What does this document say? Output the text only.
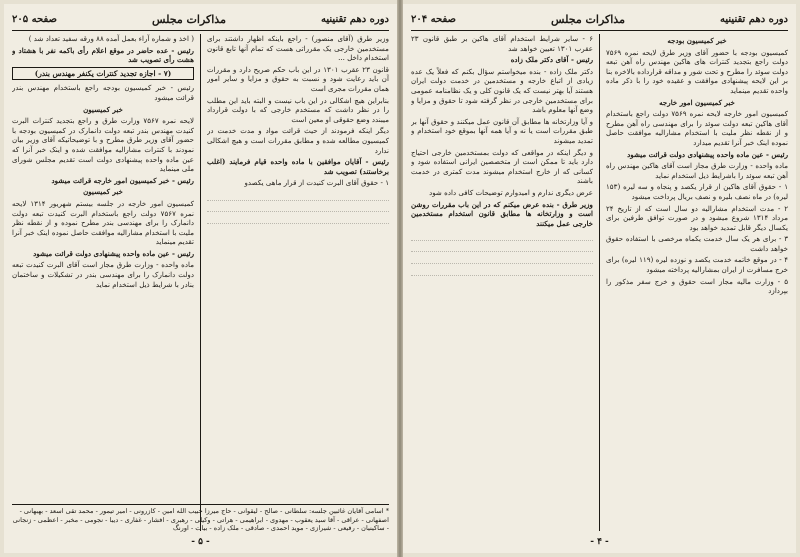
دوره دهم تقنینیه
مذاکرات مجلس
صفحه ۲۰۵

وزیر طرق (آقای منصور) - راجع باینکه اظهار داشتند برای مستخدمین خارجی یک مقرراتی هست که تمام آنها تابع قانون استخدام داخل ...

قانون ۲۳ عقرب ۱۳۰۱ در این باب حکم صریح دارد و مقررات آن باید رعایت شود و نسبت به حقوق و مزایا و سایر امور همان مقررات مجری است

بنابراین هیچ اشکالی در این باب نیست و البته باید این مطلب را در نظر داشت که مستخدم خارجی که با دولت قرارداد میبندد وضع حقوقی او معین است

دیگر اینکه فرمودند از حیث قرائت مواد و مدت خدمت در کمیسیون مطالعه شده و مطابق مقررات است و هیچ اشکالی ندارد

رئیس - آقایان موافقین با ماده واحده قیام فرمایند (اغلب برخاستند) تصویب شد

۱ - حقوق آقای البرت کنیدت از قرار ماهی یکصدو

( اخذ و شماره آراء بعمل آمده ۸۸ ورقه سفید تعداد شد )

رئیس - عده حاضر در موقع اعلام رأی باکمه نفر با هشتاد و هشت رأی تصویب شد

(۷ - اجازه تجدید کنترات یکنفر مهندس بندر)

رئیس - خبر کمیسیون بودجه راجع باستخدام مهندس بندر قرائت میشود

خبر کمیسیون

لایحه نمره ۷۵۶۷ وزارت طرق و راجع بتجدید کنترات البرت کنیدت مهندس بندر تبعه دولت دانمارک در کمیسیون بودجه با حضور آقای وزیر طرق مطرح و با توضیحاتیکه آقای وزیر بیان نمودند با کنترات مشارالیه موافقت شده و اینک خبر آنرا که عین ماده واحده پیشنهادی دولت است تقدیم مجلس شورای ملی مینماید

رئیس - خبر کمیسیون امور خارجه قرائت میشود

خبر کمیسیون

کمیسیون امور خارجه در جلسه بیستم شهریور ۱۳۱۴ لایحه نمره ۷۵۶۷ دولت راجع باستخدام البرت کنیدت تبعه دولت دانمارک را برای مهندسی بندر مطرح نموده و از نقطه نظر ملیت با استخدام مشارالیه موافقت حاصل نموده اینک خبر آنرا تقدیم مینماید

رئیس - عین ماده واحده پیشنهادی دولت قرائت میشود

ماده واحده - وزارت طرق مجاز است آقای البرت کنیدت تبعه دولت دانمارک را برای مهندسی بندر در تشکیلات و ساختمان بنادر با شرایط ذیل استخدام نماید

* اسامی آقایان غائبین جلسه: سلطانی - صالح - لیقوانی - حاج میرزا حبیب الله امین - کازرونی - امیر تیمور - محمد تقی اسعد - بهبهانی - اصفهانی - عراقی - آقا سید یعقوب - مهدوی - ابراهیمی - هراتی - وکیلی - رهبری - افشار - غفاری - دیبا - نجومی - مخبر - اعظمی - زنجانی - ساکینیان - رفیعی - شیرازی - موید احمدی - صادقی - ملک زاده - بیات - اورنگ

- ۵ -
دوره دهم تقنینیه
مذاکرات مجلس
صفحه ۲۰۴
خبر کمیسیون بودجه

کمیسیون بودجه با حضور آقای وزیر طرق لایحه نمره ۷۵۶۹ دولت راجع بتجدید کنترات های هاکین مهندس راه آهن تبعه دولت سوئد را مطرح و تحت شور و مداقه قرارداده بالاخره بنا بر این لایحه پیشنهادی موافقت و عقیده خود را با ذکر ماده واحده تقدیم مینماید

خبر کمیسیون امور خارجه

کمیسیون امور خارجه لایحه نمره ۷۵۶۹ دولت راجع باستخدام آقای هاکین تبعه دولت سوئد را برای مهندسی راه آهن مطرح و از نقطه نظر ملیت با استخدام مشارالیه موافقت حاصل نموده اینک خبر آنرا تقدیم میدارد

رئیس - عین ماده واحده پیشنهادی دولت قرائت میشود

ماده واحده - وزارت طرق مجاز است آقای هاکین مهندس راه آهن تبعه سوئد را باشرایط ذیل استخدام نماید

۱ - حقوق آقای هاکین از قرار یکصد و پنجاه و سه لیره (۱۵۳ لیره) در ماه نصف بلیره و نصف بریال پرداخت میشود

۲ - مدت استخدام مشارالیه دو سال است که از تاریخ ۲۴ مرداد ۱۳۱۴ شروع میشود و در صورت توافق طرفین برای یکسال دیگر قابل تمدید خواهد بود

۳ - برای هر یک سال خدمت یکماه مرخصی با استفاده حقوق خواهد داشت

۴ - در موقع خاتمه خدمت یکصد و نوزده لیره (۱۱۹ لیره) برای خرج مسافرت از ایران بمشارالیه پرداخته میشود

۵ - وزارت مالیه مجاز است حقوق و خرج سفر مذکور را بپردازد

۶ - سایر شرایط استخدام آقای هاکین بر طبق قانون ۲۳ عقرب ۱۳۰۱ تعیین خواهد شد

رئیس - آقای دکتر ملک زاده

دکتر ملک زاده - بنده میخواستم سؤال بکنم که فعلاً یک عده زیادی از اتباع خارجه و مستخدمین در خدمت دولت ایران هستند آیا بهتر نیست که یک قانون کلی و یک نظامنامه عمومی برای مستخدمین خارجی در نظر گرفته شود تا حقوق و مزایا و وضع آنها معلوم باشد

و آیا وزارتخانه ها مطابق آن قانون عمل میکنند و حقوق آنها بر طبق مقررات است یا نه و آیا همه آنها بموقع خود استخدام و تمدید میشوند

و دیگر اینکه در مواقعی که دولت بمستخدمین خارجی احتیاج دارد باید تا ممکن است از متخصصین ایرانی استفاده شود و کسانی که از خارج استخدام میشوند مدت کمتری در خدمت باشند

عرض دیگری ندارم و امیدوارم توضیحات کافی داده شود

وزیر طرق - بنده عرض میکنم که در این باب مقررات روشن است و وزارتخانه ها مطابق قانون استخدام مستخدمین خارجی عمل میکنند

- ۴ -
